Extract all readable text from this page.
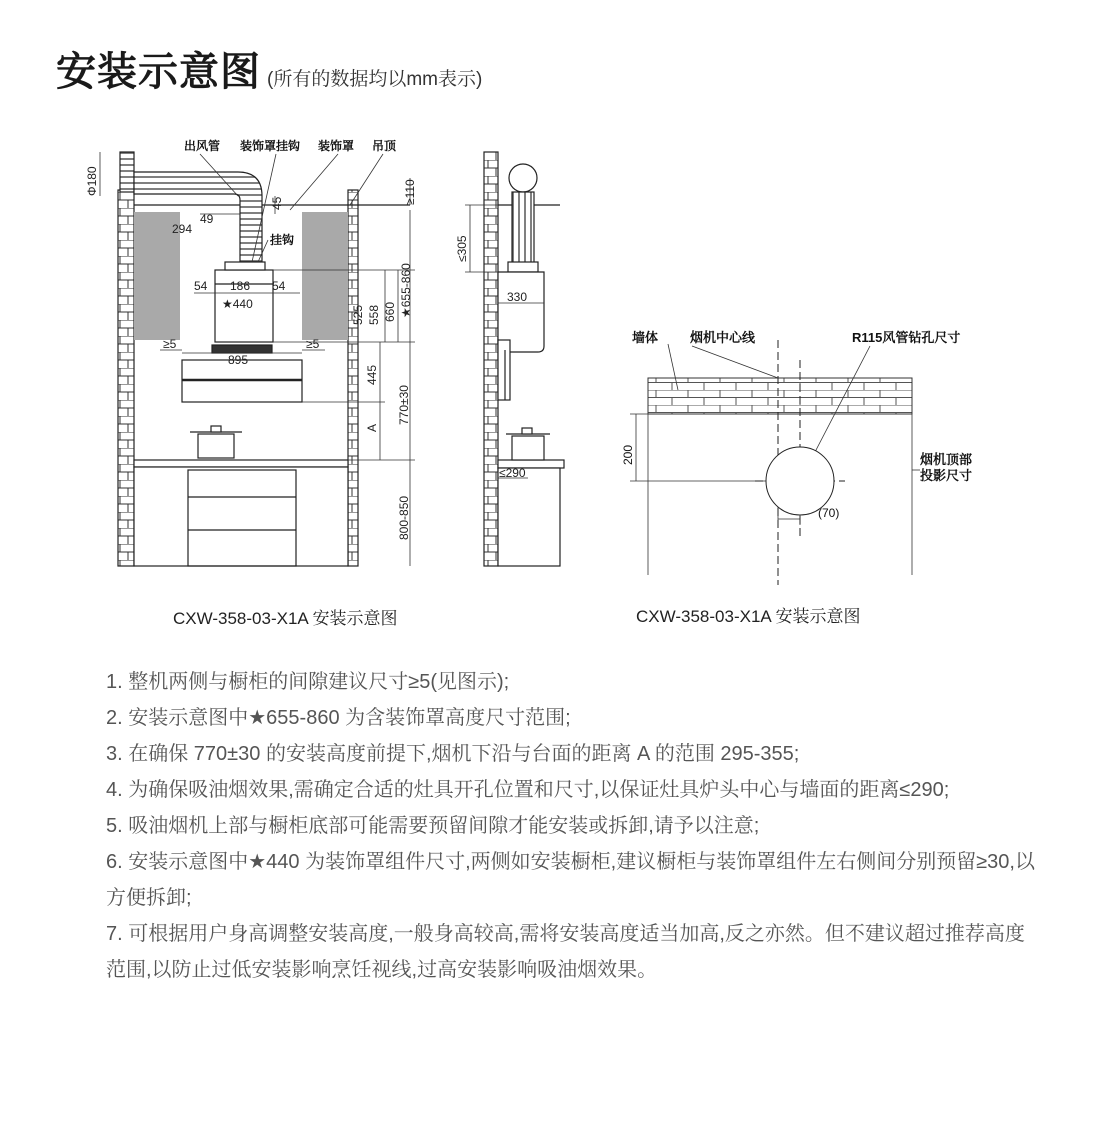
安装示意图 (所有的数据均以mm表示)
出风管 装饰罩挂钩 装饰罩 吊顶
挂钩
Φ180
45
49
294
≥110
54 186 54
★440
525 558 660 ★655-860
≥5
895
≥5
445
A
770±30
800-850
≤305
330
≤290
墙体 烟机中心线	R115风管钻孔尺寸
200	烟机顶部
投影尺寸
(70)
CXW-358-03-X1A 安装示意图	CXW-358-03-X1A 安装示意图

1. 整机两侧与橱柜的间隙建议尺寸≥5(见图示);

2. 安装示意图中★655-860 为含装饰罩高度尺寸范围;

3. 在确保 770±30 的安装高度前提下,烟机下沿与台面的距离 A 的范围 295-355;

4. 为确保吸油烟效果,需确定合适的灶具开孔位置和尺寸,以保证灶具炉头中心与墙面的距离≤290;

5. 吸油烟机上部与橱柜底部可能需要预留间隙才能安装或拆卸,请予以注意;

6. 安装示意图中★440 为装饰罩组件尺寸,两侧如安装橱柜,建议橱柜与装饰罩组件左右侧间分别预留≥30,以方便拆卸;

7. 可根据用户身高调整安装高度,一般身高较高,需将安装高度适当加高,反之亦然。但不建议超过推荐高度范围,以防止过低安装影响烹饪视线,过高安装影响吸油烟效果。
